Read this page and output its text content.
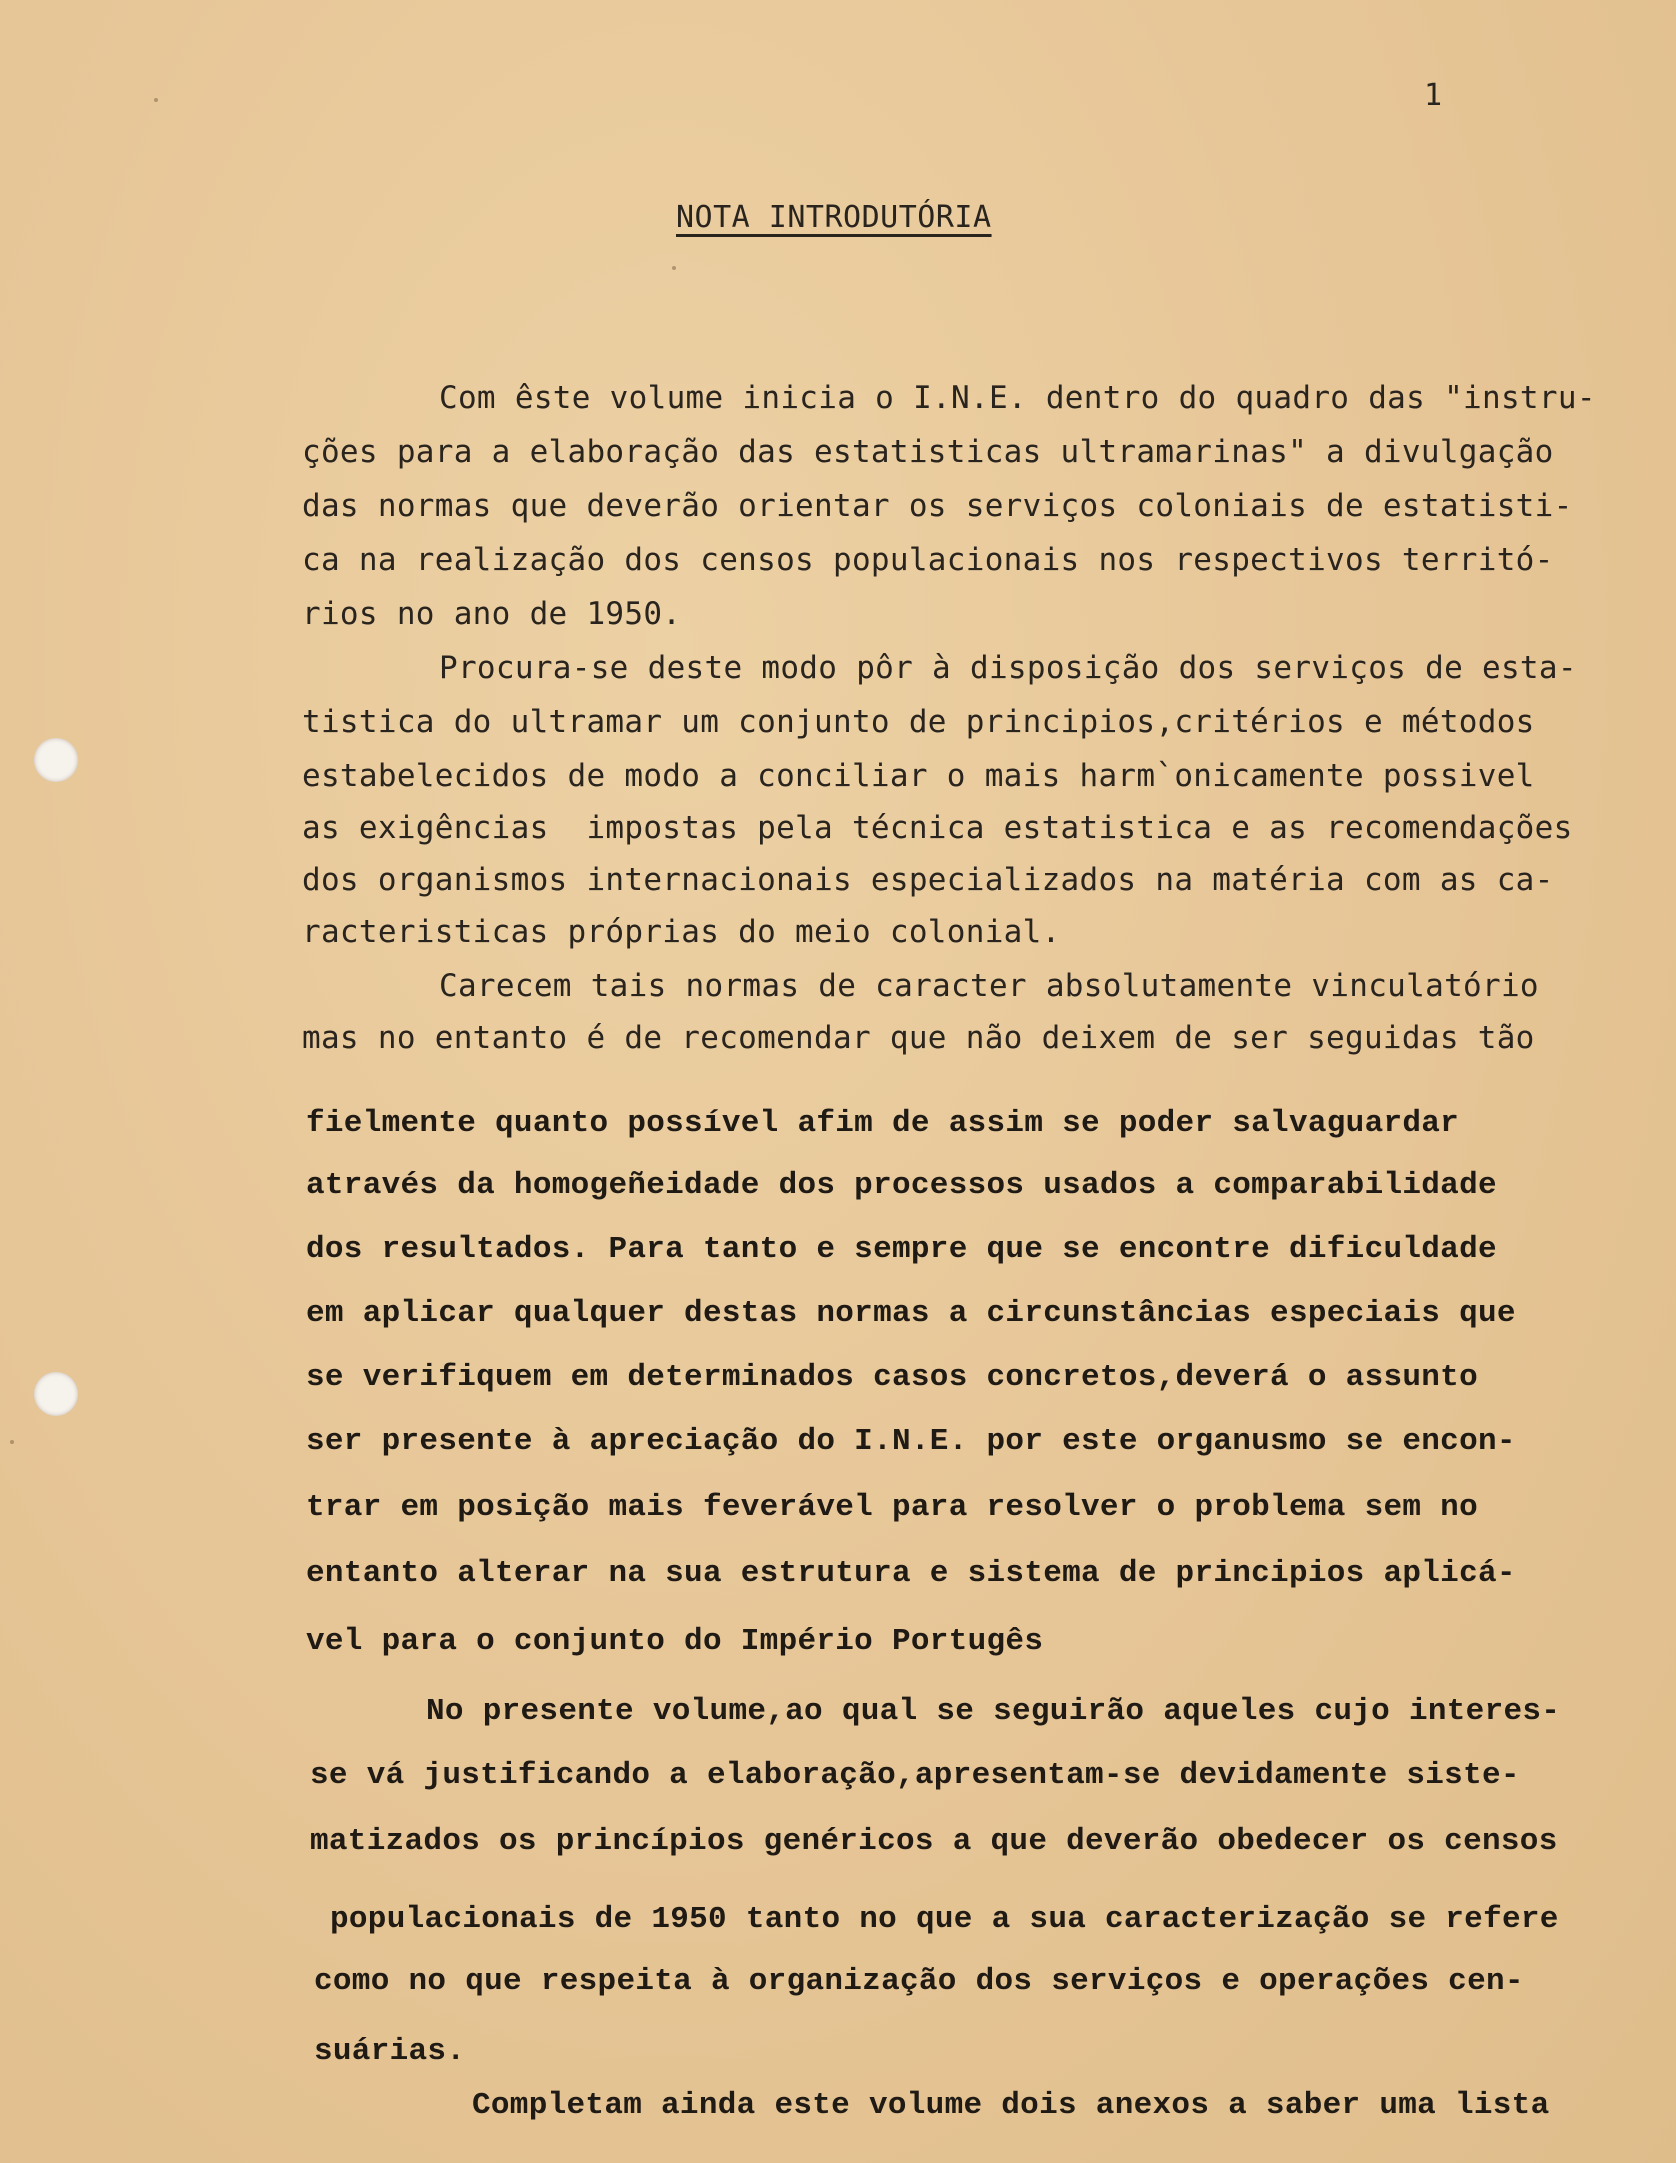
1
NOTA INTRODUTÓRIA
Com êste volume inicia o I.N.E. dentro do quadro das "instru-
ções para a elaboração das estatisticas ultramarinas" a divulgação
das normas que deverão orientar os serviços coloniais de estatisti-
ca na realização dos censos populacionais nos respectivos territó-
rios no ano de 1950.
Procura-se deste modo pôr à disposição dos serviços de esta-
tistica do ultramar um conjunto de principios,critérios e métodos
estabelecidos de modo a conciliar o mais harm`onicamente possivel
as exigências  impostas pela técnica estatistica e as recomendações
dos organismos internacionais especializados na matéria com as ca-
racteristicas próprias do meio colonial.
Carecem tais normas de caracter absolutamente vinculatório
mas no entanto é de recomendar que não deixem de ser seguidas tão
fielmente quanto possível afim de assim se poder salvaguardar
através da homogeñeidade dos processos usados a comparabilidade
dos resultados. Para tanto e sempre que se encontre dificuldade
em aplicar qualquer destas normas a circunstâncias especiais que
se verifiquem em determinados casos concretos,deverá o assunto
ser presente à apreciação do I.N.E. por este organusmo se encon-
trar em posição mais feverável para resolver o problema sem no
entanto alterar na sua estrutura e sistema de principios aplicá-
vel para o conjunto do Império Portugês
No presente volume,ao qual se seguirão aqueles cujo interes-
se vá justificando a elaboração,apresentam-se devidamente siste-
matizados os princípios genéricos a que deverão obedecer os censos
populacionais de 1950 tanto no que a sua caracterização se refere
como no que respeita à organização dos serviços e operações cen-
suárias.
Completam ainda este volume dois anexos a saber uma lista
